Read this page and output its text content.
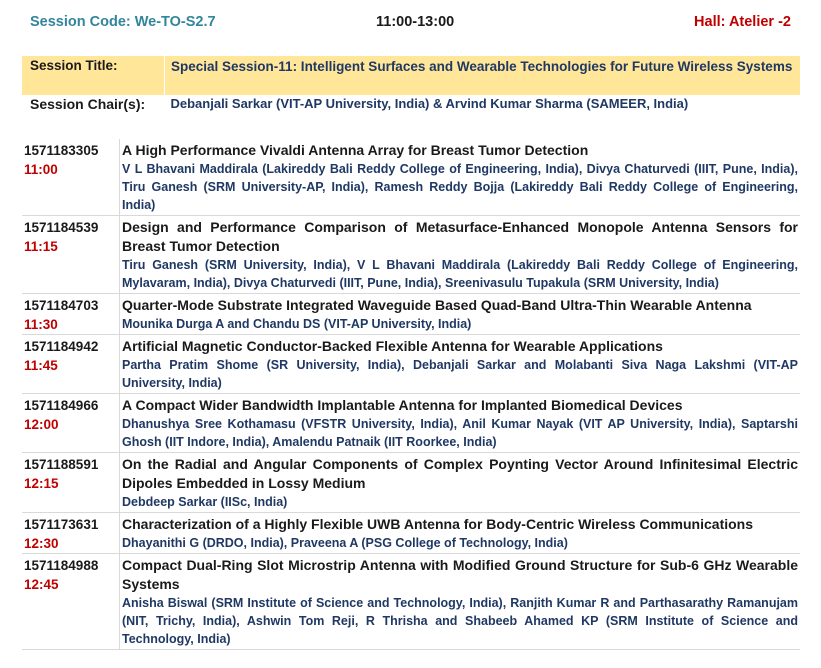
Session Code: We-TO-S2.7	11:00-13:00	Hall: Atelier -2
Session Title:	Special Session-11: Intelligent Surfaces and Wearable Technologies for Future Wireless Systems
Session Chair(s):	Debanjali Sarkar (VIT-AP University, India) & Arvind Kumar Sharma (SAMEER, India)
1571183305
11:00	A High Performance Vivaldi Antenna Array for Breast Tumor Detection
V L Bhavani Maddirala (Lakireddy Bali Reddy College of Engineering, India), Divya Chaturvedi (IIIT, Pune, India), Tiru Ganesh (SRM University-AP, India), Ramesh Reddy Bojja (Lakireddy Bali Reddy College of Engineering, India)

1571184539
11:15	Design and Performance Comparison of Metasurface-Enhanced Monopole Antenna Sensors for Breast Tumor Detection
Tiru Ganesh (SRM University, India), V L Bhavani Maddirala (Lakireddy Bali Reddy College of Engineering, Mylavaram, India), Divya Chaturvedi (IIIT, Pune, India), Sreenivasulu Tupakula (SRM University, India)

1571184703
11:30	Quarter-Mode Substrate Integrated Waveguide Based Quad-Band Ultra-Thin Wearable Antenna
Mounika Durga A and Chandu DS (VIT-AP University, India)

1571184942
11:45	Artificial Magnetic Conductor-Backed Flexible Antenna for Wearable Applications
Partha Pratim Shome (SR University, India), Debanjali Sarkar and Molabanti Siva Naga Lakshmi (VIT-AP University, India)

1571184966
12:00	A Compact Wider Bandwidth Implantable Antenna for Implanted Biomedical Devices
Dhanushya Sree Kothamasu (VFSTR University, India), Anil Kumar Nayak (VIT AP University, India), Saptarshi Ghosh (IIT Indore, India), Amalendu Patnaik (IIT Roorkee, India)

1571188591
12:15	On the Radial and Angular Components of Complex Poynting Vector Around Infinitesimal Electric Dipoles Embedded in Lossy Medium
Debdeep Sarkar (IISc, India)

1571173631
12:30	Characterization of a Highly Flexible UWB Antenna for Body-Centric Wireless Communications
Dhayanithi G (DRDO, India), Praveena A (PSG College of Technology, India)

1571184988
12:45	Compact Dual-Ring Slot Microstrip Antenna with Modified Ground Structure for Sub-6 GHz Wearable Systems
Anisha Biswal (SRM Institute of Science and Technology, India), Ranjith Kumar R and Parthasarathy Ramanujam (NIT, Trichy, India), Ashwin Tom Reji, R Thrisha and Shabeeb Ahamed KP (SRM Institute of Science and Technology, India)
